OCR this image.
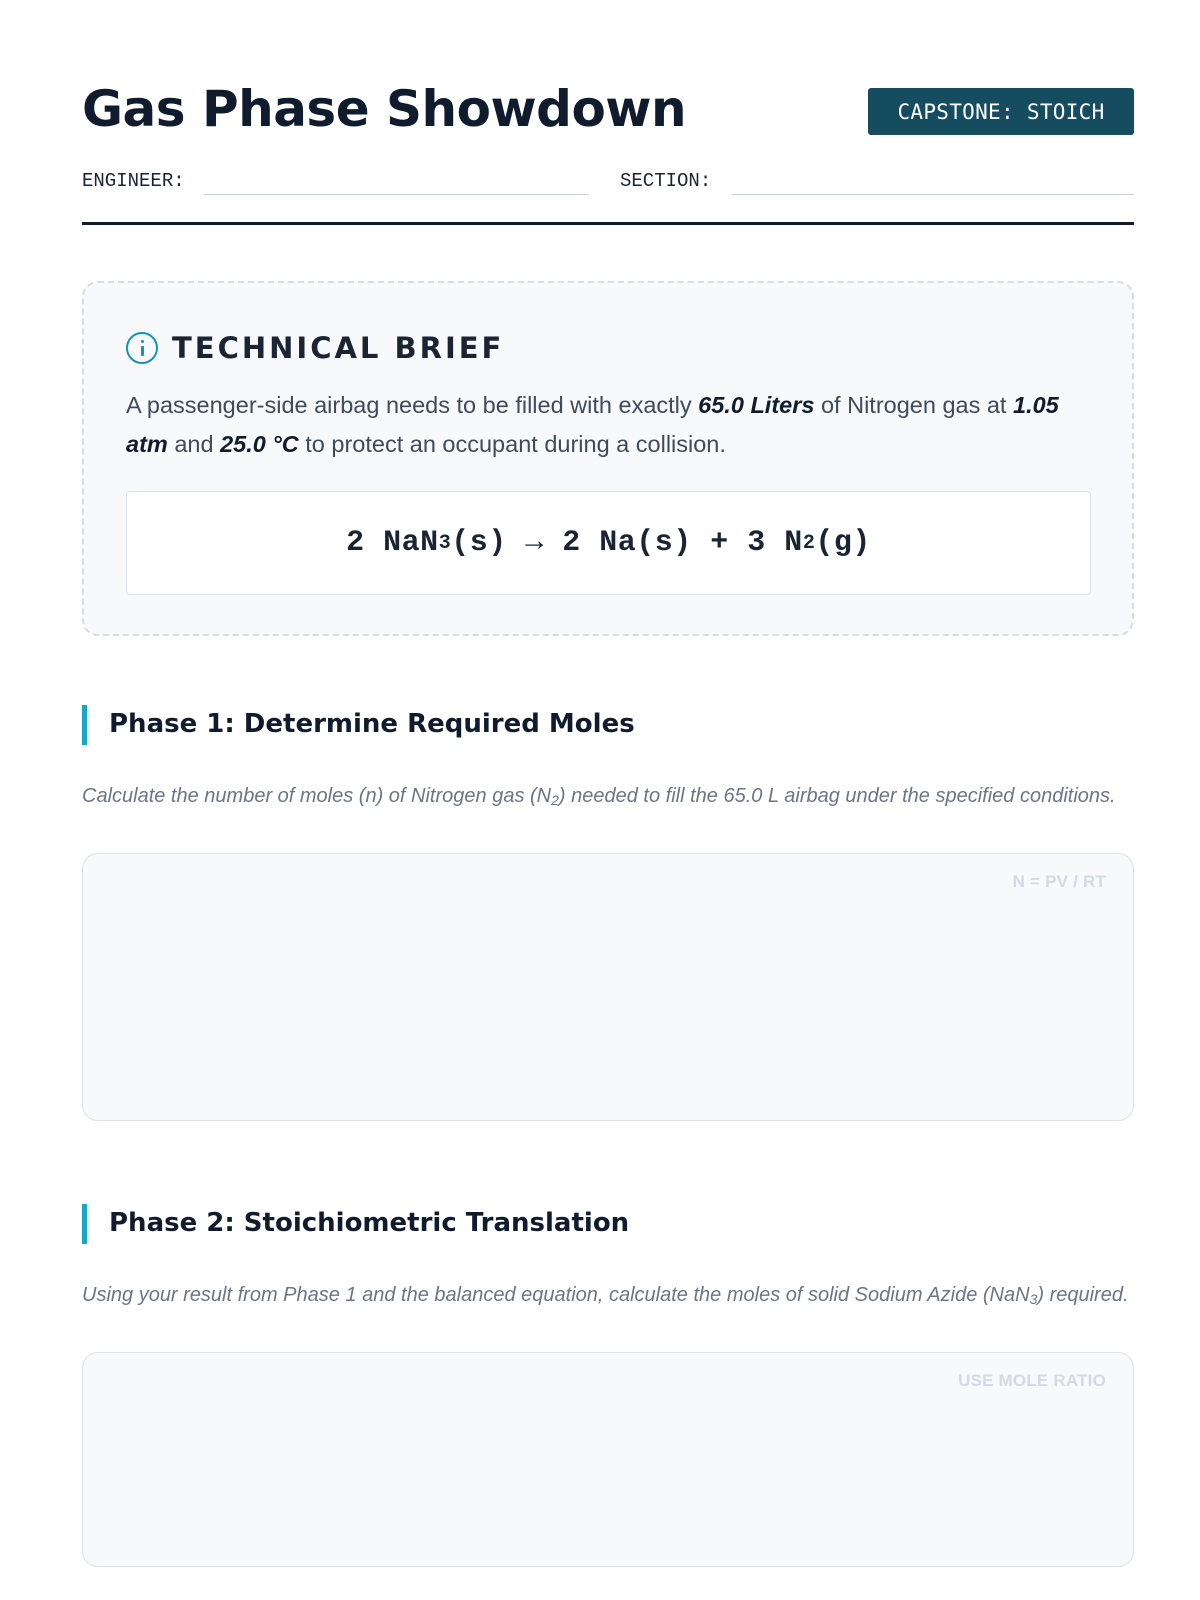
Gas Phase Showdown	CAPSTONE: STOICH
ENGINEER:	SECTION:
TECHNICAL BRIEF

A passenger-side airbag needs to be filled with exactly 65.0 Liters of Nitrogen gas at 1.05 atm and 25.0 °C to protect an occupant during a collision.

2 NaN 3 (s) → 2 Na(s) + 3 N 2 (g)
Phase 1: Determine Required Moles

Calculate the number of moles (n) of Nitrogen gas $(N_2)$ needed to fill the 65.0 L airbag under the specified conditions.

N = PV / RT
Phase 2: Stoichiometric Translation

Using your result from Phase 1 and the balanced equation, calculate the moles of solid Sodium Azide (NaN$_3$) required.

USE MOLE RATIO
